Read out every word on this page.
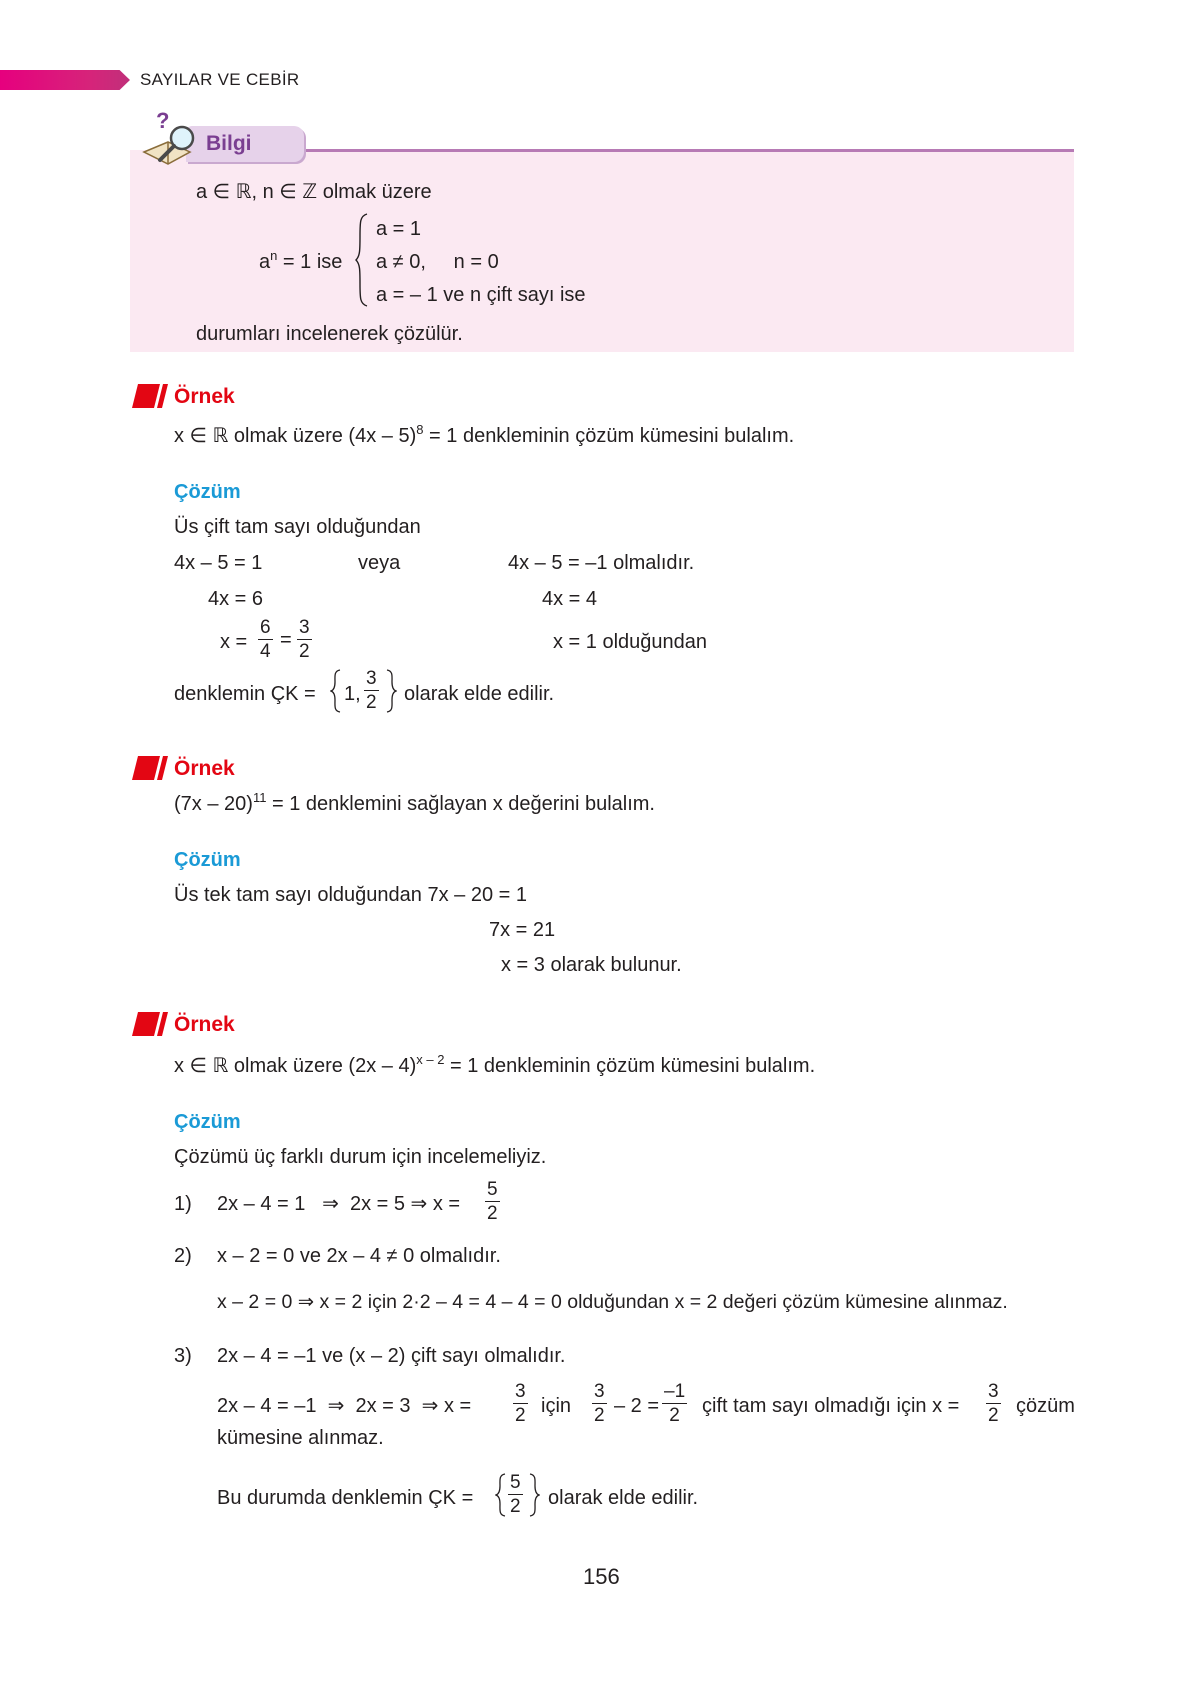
SAYILAR VE CEBİR
?
Bilgi
a ∈ ℝ, n ∈ ℤ olmak üzere
$a^n = 1$ ise
a = 1
a ≠ 0,     n = 0
a = – 1 ve n çift sayı ise
durumları incelenerek çözülür.
Örnek
x ∈ ℝ olmak üzere (4x – 5)$^8$ = 1 denkleminin çözüm kümesini bulalım.
Çözüm
Üs çift tam sayı olduğundan
4x – 5 = 1	veya	4x – 5 = –1 olmalıdır.
4x = 6	4x = 4
$x = \frac{6}{4} = \frac{3}{2}$	x = 1 olduğundan
denklemin ÇK = 1, $\frac{3}{2}$ olarak elde edilir.
Örnek
(7x – 20)$^{11}$ = 1 denklemini sağlayan x değerini bulalım.
Çözüm
Üs tek tam sayı olduğundan 7x – 20 = 1
7x = 21
x = 3 olarak bulunur.
Örnek
x ∈ ℝ olmak üzere (2x – 4)$^{x - 2}$ = 1 denkleminin çözüm kümesini bulalım.
Çözüm
Çözümü üç farklı durum için incelemeliyiz.
1) 2x – 4 = 1   ⇒  2x = 5 ⇒ $x = \frac{5}{2}$
2) x – 2 = 0 ve 2x – 4 ≠ 0 olmalıdır.
x – 2 = 0 ⇒ x = 2 için 2·2 – 4 = 4 – 4 = 0 olduğundan x = 2 değeri çözüm kümesine alınmaz.
3) 2x – 4 = –1 ve (x – 2) çift sayı olmalıdır.
2x – 4 = –1  ⇒  2x = 3  ⇒ $x = \frac{3}{2}$ için $\frac{3}{2} - 2 = \frac{-1}{2}$ çift tam sayı olmadığı için $x = \frac{3}{2}$ çözüm
kümesine alınmaz.
Bu durumda denklemin ÇK = $\frac{5}{2}$ olarak elde edilir.
156
